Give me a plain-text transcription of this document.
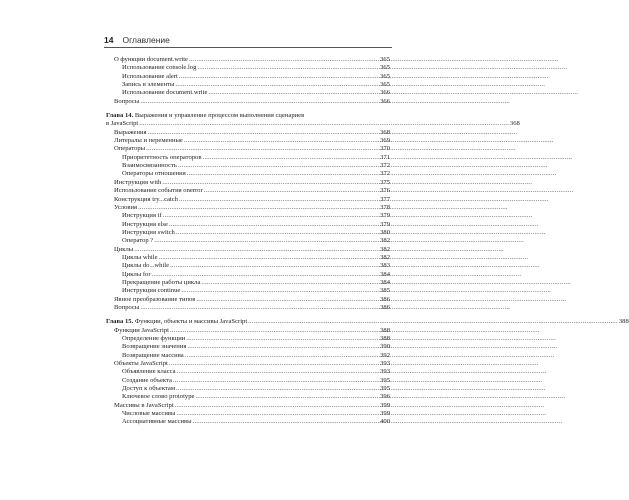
14 Оглавление
О функции document.write .....	365
Использование console.log .....	365
Использование alert .....	365
Запись в элементы .....	365
Использование document.write .....	366
Вопросы .....	366
Глава 14. Выражения и управление процессом выполнения сценариев
в JavaScript .....	368
Выражения .....	368
Литералы и переменные .....	369
Операторы .....	370
Приоритетность операторов .....	371
Взаимосвязанность .....	372
Операторы отношения .....	372
Инструкция with .....	375
Использование события onerror .....	376
Конструкция try...catch .....	377
Условия .....	378
Инструкция if .....	379
Инструкция else .....	379
Инструкция switch .....	380
Оператор ? .....	382
Циклы .....	382
Циклы while .....	382
Циклы do...while .....	383
Циклы for .....	384
Прекращение работы цикла .....	384
Инструкция continue .....	385
Явное преобразование типов .....	386
Вопросы .....	386
Глава 15.
Функции, объекты и массивы JavaScript .....	388
Функции JavaScript .....	388
Определение функции .....	388
Возвращение значения .....	390
Возвращение массива .....	392
Объекты JavaScript .....	393
Объявление класса .....	393
Создание объекта .....	395
Доступ к объектам .....	395
Ключевое слово prototype .....	396
Массивы в JavaScript .....	399
Числовые массивы .....	399
Ассоциативные массивы .....	400
